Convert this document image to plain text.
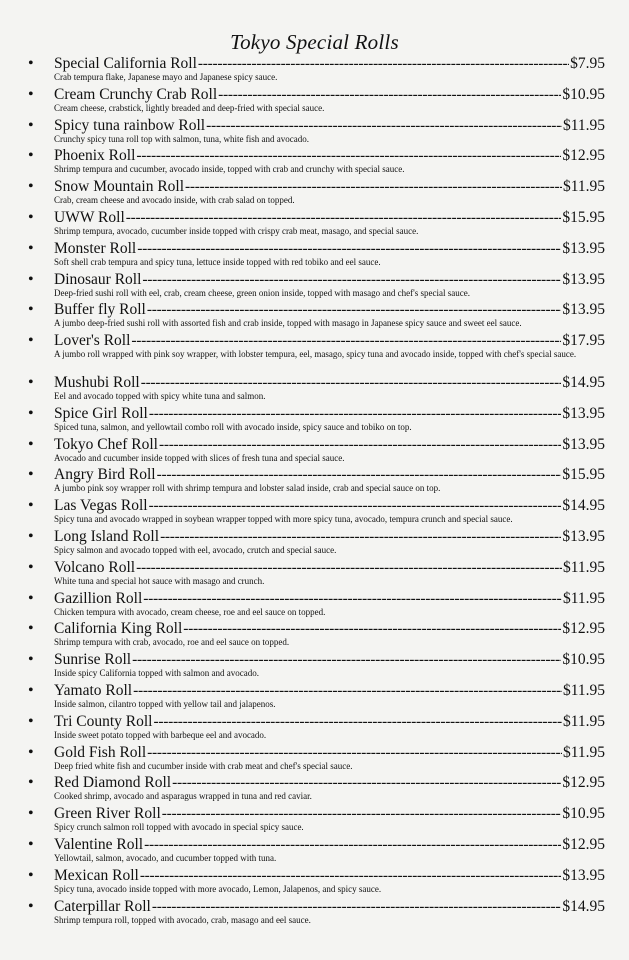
Tokyo Special Rolls
• Special California Roll -----	$7.95
Crab tempura flake, Japanese mayo and Japanese spicy sauce.
• Cream Crunchy Crab Roll -----	$10.95
Cream cheese, crabstick, lightly breaded and deep-fried with special sauce.
• Spicy tuna rainbow Roll -----	$11.95
Crunchy spicy tuna roll top with salmon, tuna, white fish and avocado.
• Phoenix Roll -----	$12.95
Shrimp tempura and cucumber, avocado inside, topped with crab and crunchy with special sauce.
• Snow Mountain Roll -----	$11.95
Crab, cream cheese and avocado inside, with crab salad on topped.
• UWW Roll -----	$15.95
Shrimp tempura, avocado, cucumber inside topped with crispy crab meat, masago, and special sauce.
• Monster Roll -----	$13.95
Soft shell crab tempura and spicy tuna, lettuce inside topped with red tobiko and eel sauce.
• Dinosaur Roll -----	$13.95
Deep-fried sushi roll with eel, crab, cream cheese, green onion inside, topped with masago and chef's special sauce.
• Buffer fly Roll -----	$13.95
A jumbo deep-fried sushi roll with assorted fish and crab inside, topped with masago in Japanese spicy sauce and sweet eel sauce.
• Lover's Roll -----	$17.95
A jumbo roll wrapped with pink soy wrapper, with lobster tempura, eel, masago, spicy tuna and avocado inside, topped with chef's special sauce.
• Mushubi Roll -----	$14.95
Eel and avocado topped with spicy white tuna and salmon.
• Spice Girl Roll -----	$13.95
Spiced tuna, salmon, and yellowtail combo roll with avocado inside, spicy sauce and tobiko on top.
• Tokyo Chef Roll -----	$13.95
Avocado and cucumber inside topped with slices of fresh tuna and special sauce.
• Angry Bird Roll -----	$15.95
A jumbo pink soy wrapper roll with shrimp tempura and lobster salad inside, crab and special sauce on top.
• Las Vegas Roll -----	$14.95
Spicy tuna and avocado wrapped in soybean wrapper topped with more spicy tuna, avocado, tempura crunch and special sauce.
• Long Island Roll -----	$13.95
Spicy salmon and avocado topped with eel, avocado, crutch and special sauce.
• Volcano Roll -----	$11.95
White tuna and special hot sauce with masago and crunch.
• Gazillion Roll -----	$11.95
Chicken tempura with avocado, cream cheese, roe and eel sauce on topped.
• California King Roll -----	$12.95
Shrimp tempura with crab, avocado, roe and eel sauce on topped.
• Sunrise Roll -----	$10.95
Inside spicy California topped with salmon and avocado.
• Yamato Roll -----	$11.95
Inside salmon, cilantro topped with yellow tail and jalapenos.
• Tri County Roll -----	$11.95
Inside sweet potato topped with barbeque eel and avocado.
• Gold Fish Roll -----	$11.95
Deep fried white fish and cucumber inside with crab meat and chef's special sauce.
• Red Diamond Roll -----	$12.95
Cooked shrimp, avocado and asparagus wrapped in tuna and red caviar.
• Green River Roll -----	$10.95
Spicy crunch salmon roll topped with avocado in special spicy sauce.
• Valentine Roll -----	$12.95
Yellowtail, salmon, avocado, and cucumber topped with tuna.
• Mexican Roll -----	$13.95
Spicy tuna, avocado inside topped with more avocado, Lemon, Jalapenos, and spicy sauce.
• Caterpillar Roll -----	$14.95
Shrimp tempura roll, topped with avocado, crab, masago and eel sauce.
